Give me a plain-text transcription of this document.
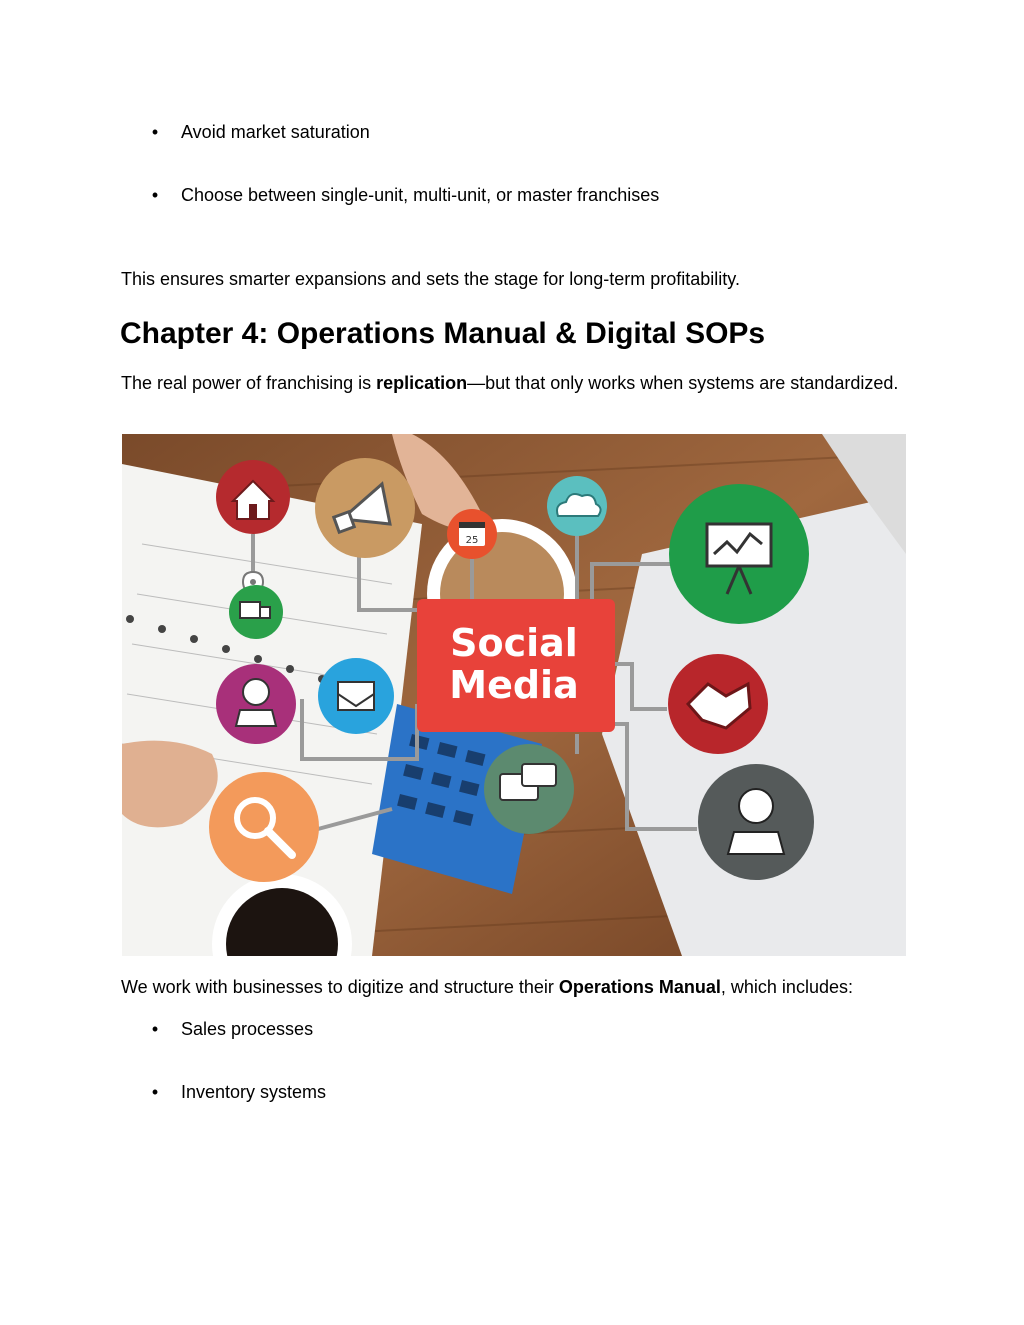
• Avoid market saturation
• Choose between single-unit, multi-unit, or master franchises
This ensures smarter expansions and sets the stage for long-term profitability.
Chapter 4: Operations Manual & Digital SOPs
The real power of franchising is replication—but that only works when systems are standardized.
25
Social
Media
We work with businesses to digitize and structure their Operations Manual, which includes:
• Sales processes
• Inventory systems
